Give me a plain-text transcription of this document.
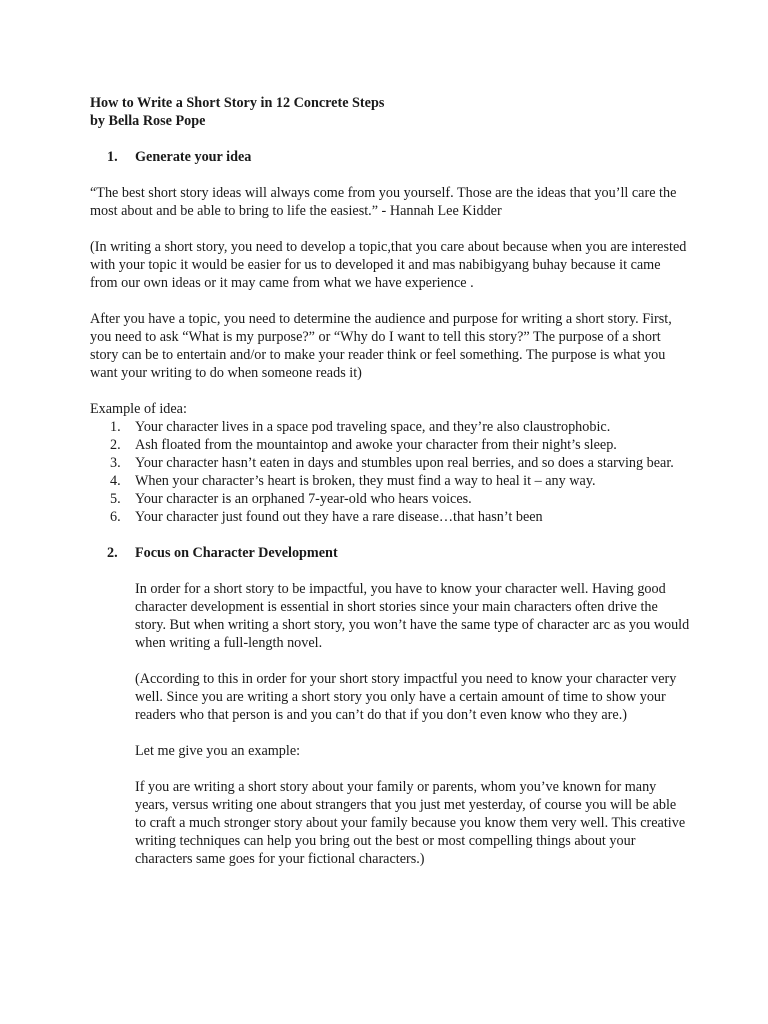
How to Write a Short Story in 12 Concrete Steps
by Bella Rose Pope
1. Generate your idea

“The best short story ideas will always come from you yourself. Those are the ideas that you’ll care the most about and be able to bring to life the easiest.” - Hannah Lee Kidder

(In writing a short story, you need to develop a topic,that you care about because when you are interested with your topic it would be easier for us to developed it and mas nabibigyang buhay because it came from our own ideas or it may came from what we have experience .

After you have a topic, you need to determine the audience and purpose for writing a short story. First, you need to ask “What is my purpose?” or “Why do I want to tell this story?” The purpose of a short story can be to entertain and/or to make your reader think or feel something. The purpose is what you want your writing to do when someone reads it)

Example of idea:

1. Your character lives in a space pod traveling space, and they’re also claustrophobic.
2. Ash floated from the mountaintop and awoke your character from their night’s sleep.
3. Your character hasn’t eaten in days and stumbles upon real berries, and so does a starving bear.
4. When your character’s heart is broken, they must find a way to heal it – any way.
5. Your character is an orphaned 7-year-old who hears voices.
6. Your character just found out they have a rare disease…that hasn’t been
2. Focus on Character Development

In order for a short story to be impactful, you have to know your character well. Having good character development is essential in short stories since your main characters often drive the story. But when writing a short story, you won’t have the same type of character arc as you would when writing a full-length novel.

(According to this in order for your short story impactful you need to know your character very well. Since you are writing a short story you only have a certain amount of time to show your readers who that person is and you can’t do that if you don’t even know who they are.)

Let me give you an example:

If you are writing a short story about your family or parents, whom you’ve known for many years, versus writing one about strangers that you just met yesterday, of course you will be able to craft a much stronger story about your family because you know them very well. This creative writing techniques can help you bring out the best or most compelling things about your characters same goes for your fictional characters.)
